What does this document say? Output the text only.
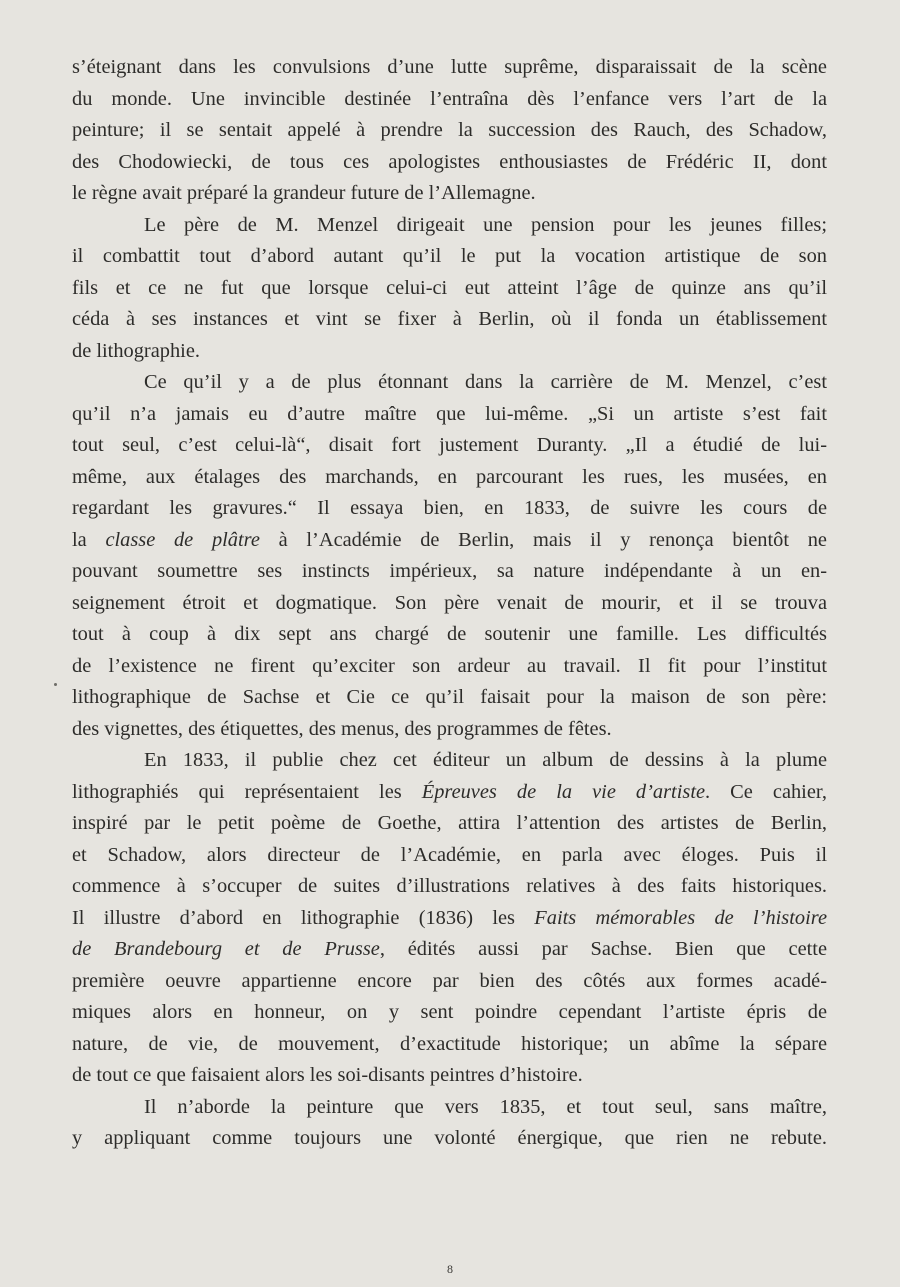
s’éteignant dans les convulsions d’une lutte suprême, disparaissait de la scène
du monde. Une invincible destinée l’entraîna dès l’enfance vers l’art de la
peinture; il se sentait appelé à prendre la succession des Rauch, des Schadow,
des Chodowiecki, de tous ces apologistes enthousiastes de Frédéric II, dont
le règne avait préparé la grandeur future de l’Allemagne.
Le père de M. Menzel dirigeait une pension pour les jeunes filles;
il combattit tout d’abord autant qu’il le put la vocation artistique de son
fils et ce ne fut que lorsque celui-ci eut atteint l’âge de quinze ans qu’il
céda à ses instances et vint se fixer à Berlin, où il fonda un établissement
de lithographie.
Ce qu’il y a de plus étonnant dans la carrière de M. Menzel, c’est
qu’il n’a jamais eu d’autre maître que lui-même. „Si un artiste s’est fait
tout seul, c’est celui-là“, disait fort justement Duranty. „Il a étudié de lui-
même, aux étalages des marchands, en parcourant les rues, les musées, en
regardant les gravures.“ Il essaya bien, en 1833, de suivre les cours de
la classe de plâtre à l’Académie de Berlin, mais il y renonça bientôt ne
pouvant soumettre ses instincts impérieux, sa nature indépendante à un en-
seignement étroit et dogmatique. Son père venait de mourir, et il se trouva
tout à coup à dix sept ans chargé de soutenir une famille. Les difficultés
de l’existence ne firent qu’exciter son ardeur au travail. Il fit pour l’institut
lithographique de Sachse et Cie ce qu’il faisait pour la maison de son père:
des vignettes, des étiquettes, des menus, des programmes de fêtes.
En 1833, il publie chez cet éditeur un album de dessins à la plume
lithographiés qui représentaient les Épreuves de la vie d’artiste. Ce cahier,
inspiré par le petit poème de Goethe, attira l’attention des artistes de Berlin,
et Schadow, alors directeur de l’Académie, en parla avec éloges. Puis il
commence à s’occuper de suites d’illustrations relatives à des faits historiques.
Il illustre d’abord en lithographie (1836) les Faits mémorables de l’histoire
de Brandebourg et de Prusse, édités aussi par Sachse. Bien que cette
première oeuvre appartienne encore par bien des côtés aux formes acadé-
miques alors en honneur, on y sent poindre cependant l’artiste épris de
nature, de vie, de mouvement, d’exactitude historique; un abîme la sépare
de tout ce que faisaient alors les soi-disants peintres d’histoire.
Il n’aborde la peinture que vers 1835, et tout seul, sans maître,
y appliquant comme toujours une volonté énergique, que rien ne rebute.
8
